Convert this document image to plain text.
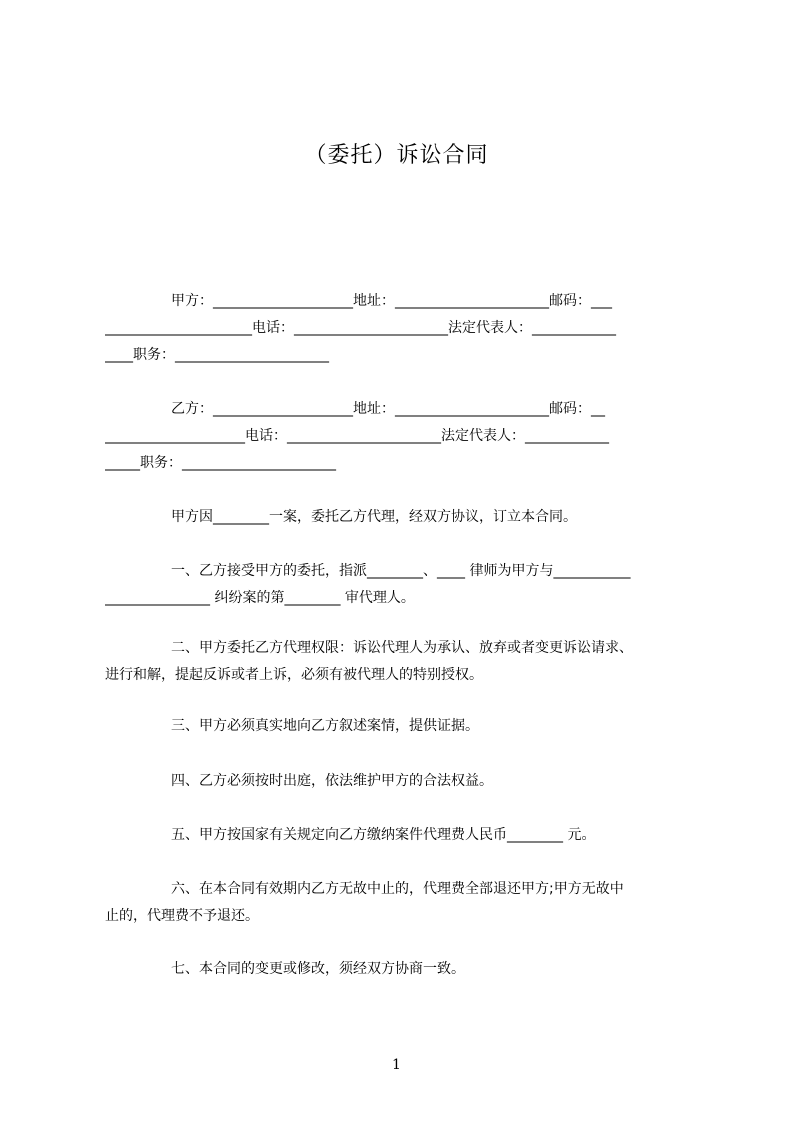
（委托）诉讼合同
甲方：____________________地址：______________________邮码：___
_____________________电话：______________________法定代表人：____________
____职务：______________________
乙方：____________________地址：______________________邮码：__
____________________电话：______________________法定代表人：____________
_____职务：______________________
甲方因________一案，委托乙方代理，经双方协议，订立本合同。
一、乙方接受甲方的委托，指派________、____ 律师为甲方与___________
_______________ 纠纷案的第________ 审代理人。
二、甲方委托乙方代理权限：诉讼代理人为承认、放弃或者变更诉讼请求、
进行和解，提起反诉或者上诉，必须有被代理人的特别授权。
三、甲方必须真实地向乙方叙述案情，提供证据。
四、乙方必须按时出庭，依法维护甲方的合法权益。
五、甲方按国家有关规定向乙方缴纳案件代理费人民币________ 元。
六、在本合同有效期内乙方无故中止的，代理费全部退还甲方;甲方无故中
止的，代理费不予退还。
七、本合同的变更或修改，须经双方协商一致。
1
